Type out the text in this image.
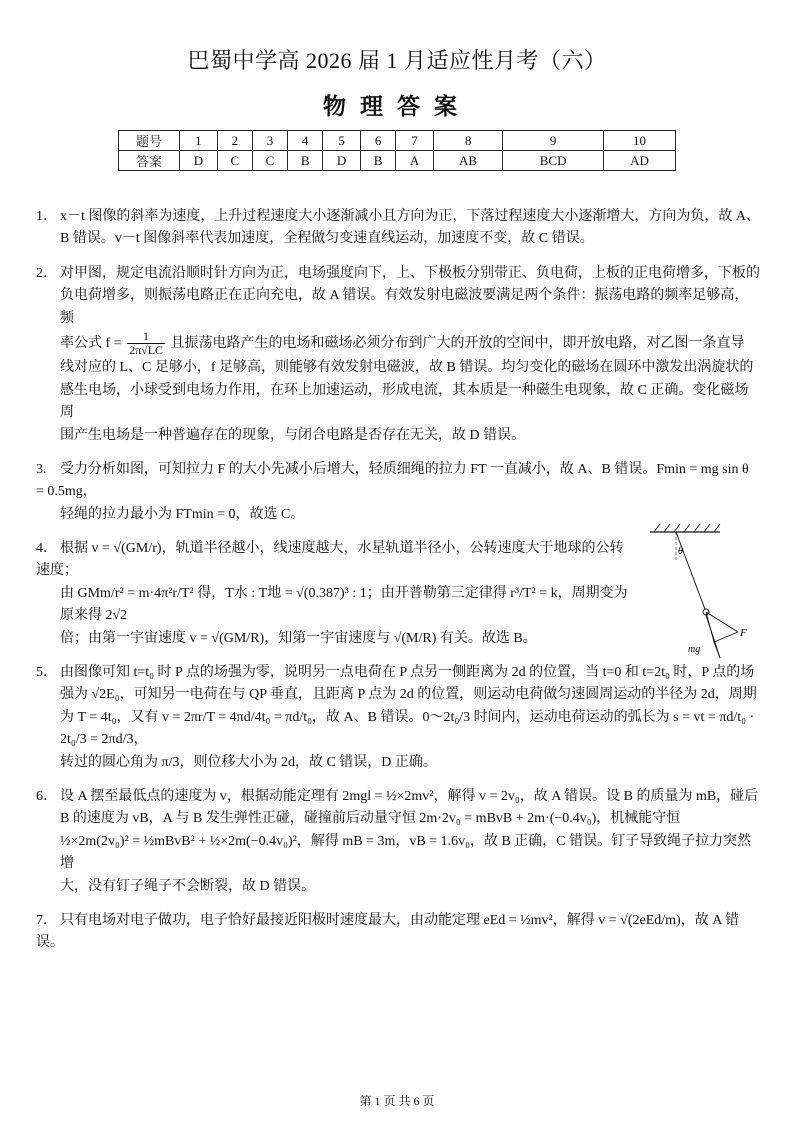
巴蜀中学高 2026 届 1 月适应性月考（六）
物理答案
题号	1	2	3	4	5	6	7	8	9	10
答案	D	C	C	B	D	B	A	AB	BCD	AD

1． x－t 图像的斜率为速度，上升过程速度大小逐渐减小且方向为正，下落过程速度大小逐渐增大，方向为负，故 A、

B 错误。v－t 图像斜率代表加速度，全程做匀变速直线运动，加速度不变，故 C 错误。

2． 对甲图，规定电流沿顺时针方向为正，电场强度向下，上、下极板分别带正、负电荷，上板的正电荷增多，下板的

负电荷增多，则振荡电路正在正向充电，故 A 错误。有效发射电磁波要满足两个条件：振荡电路的频率足够高，频

率公式 $f = \frac{1}{2\pi√LC}$ 且振荡电路产生的电场和磁场必须分布到广大的开放的空间中，即开放电路，对乙图一条直导

线对应的 L、C 足够小，f 足够高，则能够有效发射电磁波，故 B 错误。均匀变化的磁场在圆环中激发出涡旋状的

感生电场，小球受到电场力作用，在环上加速运动，形成电流，其本质是一种磁生电现象，故 C 正确。变化磁场周

围产生电场是一种普遍存在的现象，与闭合电路是否存在无关，故 D 错误。

3. 受力分析如图，可知拉力 F 的大小先减小后增大，轻质细绳的拉力 FT 一直减小，故 A、B 错误。Fmin = mg sin θ = 0.5mg，

轻绳的拉力最小为 FTmin = 0，故选 C。

4． 根据 v = √(GM/r)，轨道半径越小，线速度越大，水星轨道半径小，公转速度大于地球的公转速度；

由 GMm/r² = m·4π²r/T² 得，T水 : T地 = √(0.387)³ : 1；由开普勒第三定律得 r³/T² = k，周期变为原来得 2√2

倍；由第一宇宙速度 v = √(GM/R)，知第一宇宙速度与 √(M/R) 有关。故选 B。

5． 由图像可知 t=t₀ 时 P 点的场强为零，说明另一点电荷在 P 点另一侧距离为 2d 的位置，当 t=0 和 t=2t₀ 时，P 点的场

强为 √2E₀，可知另一电荷在与 QP 垂直，且距离 P 点为 2d 的位置，则运动电荷做匀速圆周运动的半径为 2d，周期

为 T = 4t₀，又有 v = 2πr/T = 4πd/4t₀ = πd/t₀，故 A、B 错误。0～2t₀/3 时间内，运动电荷运动的弧长为 s = vt = πd/t₀ · 2t₀/3 = 2πd/3，

转过的圆心角为 π/3，则位移大小为 2d，故 C 错误，D 正确。

6． 设 A 摆至最低点的速度为 v，根据动能定理有 2mgl = ½×2mv²，解得 v = 2v₀，故 A 错误。设 B 的质量为 mB，碰后

B 的速度为 vB，A 与 B 发生弹性正碰，碰撞前后动量守恒 2m·2v₀ = mBvB + 2m·(−0.4v₀)，机械能守恒

½×2m(2v₀)² = ½mBvB² + ½×2m(−0.4v₀)²，解得 mB = 3m，vB = 1.6v₀，故 B 正确，C 错误。钉子导致绳子拉力突然增

大，没有钉子绳子不会断裂，故 D 错误。

7． 只有电场对电子做功，电子恰好最接近阳极时速度最大，由动能定理 eEd = ½mv²，解得 v = √(2eEd/m)，故 A 错误。

θ
F
mg
第 1 页 共 6 页
